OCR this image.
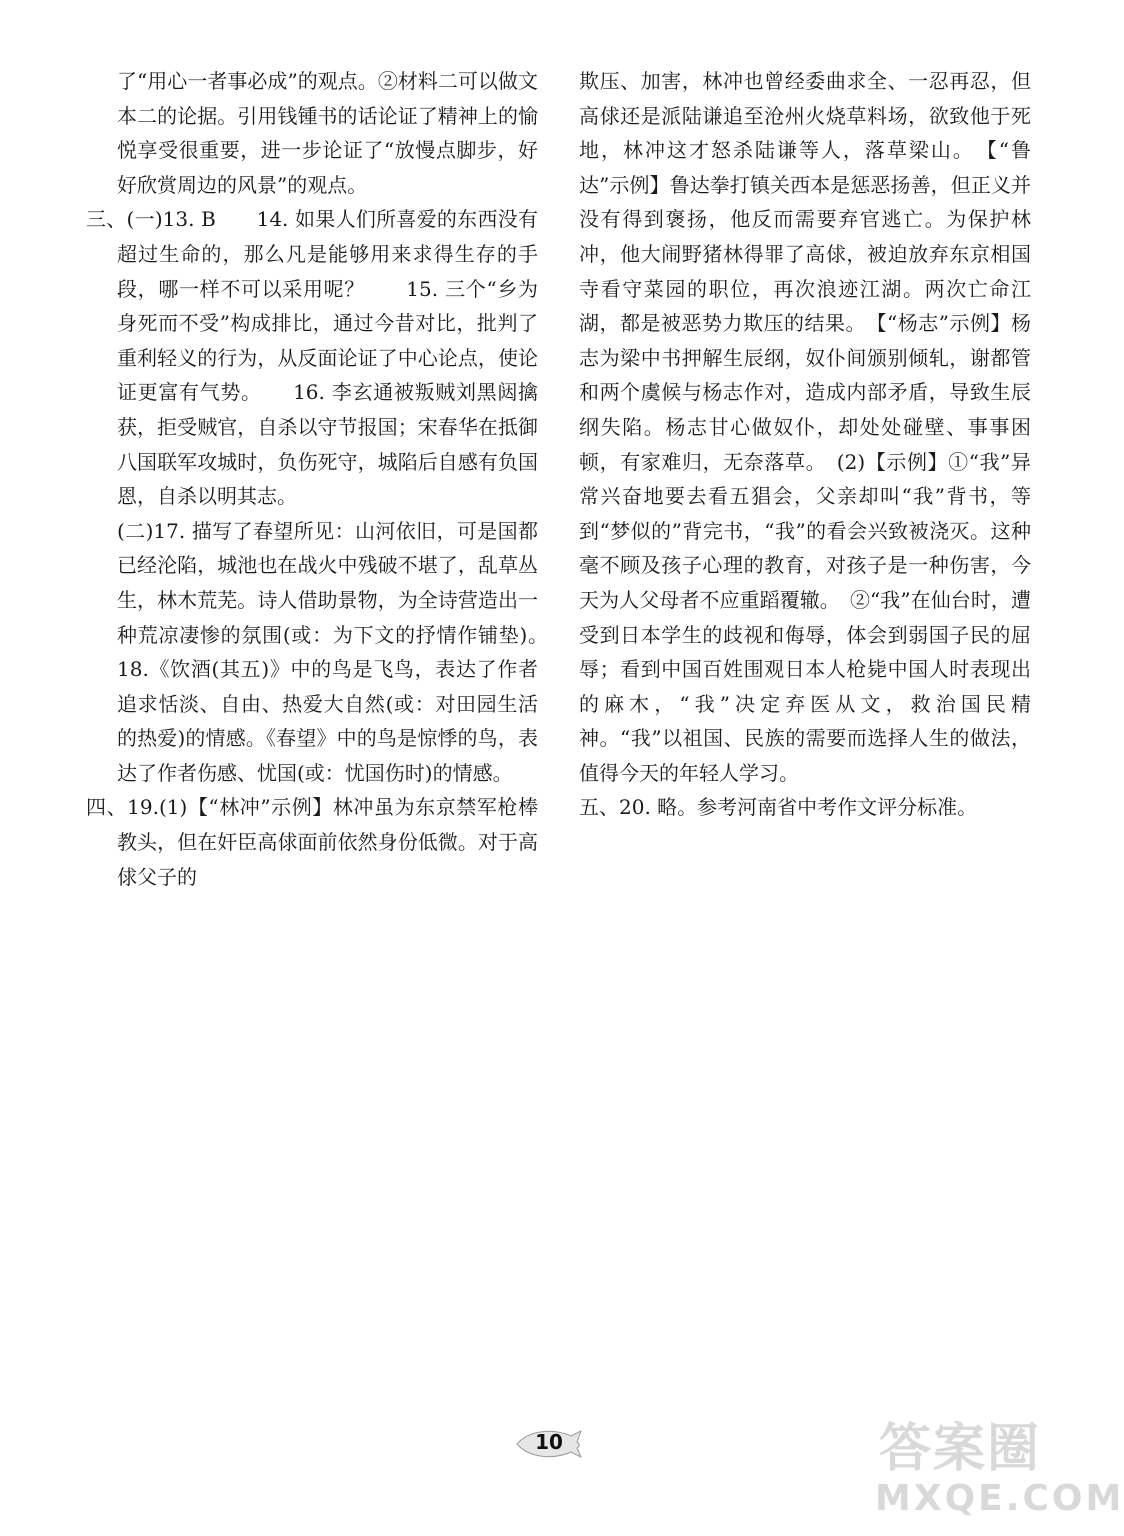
了“用心一者事必成”的观点。②材料二可以做文本二的论据。引用钱锺书的话论证了精神上的愉悦享受很重要，进一步论证了“放慢点脚步，好好欣赏周边的风景”的观点。

三、(一)13. B　　14. 如果人们所喜爱的东西没有超过生命的，那么凡是能够用来求得生存的手段，哪一样不可以采用呢？　　15. 三个“乡为身死而不受”构成排比，通过今昔对比，批判了重利轻义的行为，从反面论证了中心论点，使论证更富有气势。　　16. 李玄通被叛贼刘黑闼擒获，拒受贼官，自杀以守节报国；宋春华在抵御八国联军攻城时，负伤死守，城陷后自感有负国恩，自杀以明其志。

(二)17. 描写了春望所见：山河依旧，可是国都已经沦陷，城池也在战火中残破不堪了，乱草丛生，林木荒芜。诗人借助景物，为全诗营造出一种荒凉凄惨的氛围(或：为下文的抒情作铺垫)。　　18.《饮酒(其五)》中的鸟是飞鸟，表达了作者追求恬淡、自由、热爱大自然(或：对田园生活的热爱)的情感。《春望》中的鸟是惊悸的鸟，表达了作者伤感、忧国(或：忧国伤时)的情感。

四、19.(1)【“林冲”示例】林冲虽为东京禁军枪棒教头，但在奸臣高俅面前依然身份低微。对于高俅父子的

欺压、加害，林冲也曾经委曲求全、一忍再忍，但高俅还是派陆谦追至沧州火烧草料场，欲致他于死地，林冲这才怒杀陆谦等人，落草梁山。　【“鲁达”示例】鲁达拳打镇关西本是惩恶扬善，但正义并没有得到褒扬，他反而需要弃官逃亡。为保护林冲，他大闹野猪林得罪了高俅，被迫放弃东京相国寺看守菜园的职位，再次浪迹江湖。两次亡命江湖，都是被恶势力欺压的结果。　【“杨志”示例】杨志为梁中书押解生辰纲，奴仆间颁别倾轧，谢都管和两个虞候与杨志作对，造成内部矛盾，导致生辰纲失陷。杨志甘心做奴仆，却处处碰壁、事事困顿，有家难归，无奈落草。　(2)【示例】①“我”异常兴奋地要去看五猖会，父亲却叫“我”背书，等到“梦似的”背完书，“我”的看会兴致被浇灭。这种毫不顾及孩子心理的教育，对孩子是一种伤害，今天为人父母者不应重蹈覆辙。　②“我”在仙台时，遭受到日本学生的歧视和侮辱，体会到弱国子民的屈辱；看到中国百姓围观日本人枪毙中国人时表现出的麻木，“我”决定弃医从文，救治国民精神。“我”以祖国、民族的需要而选择人生的做法，值得今天的年轻人学习。

五、20. 略。参考河南省中考作文评分标准。

10	答案圈
MXQE.COM
